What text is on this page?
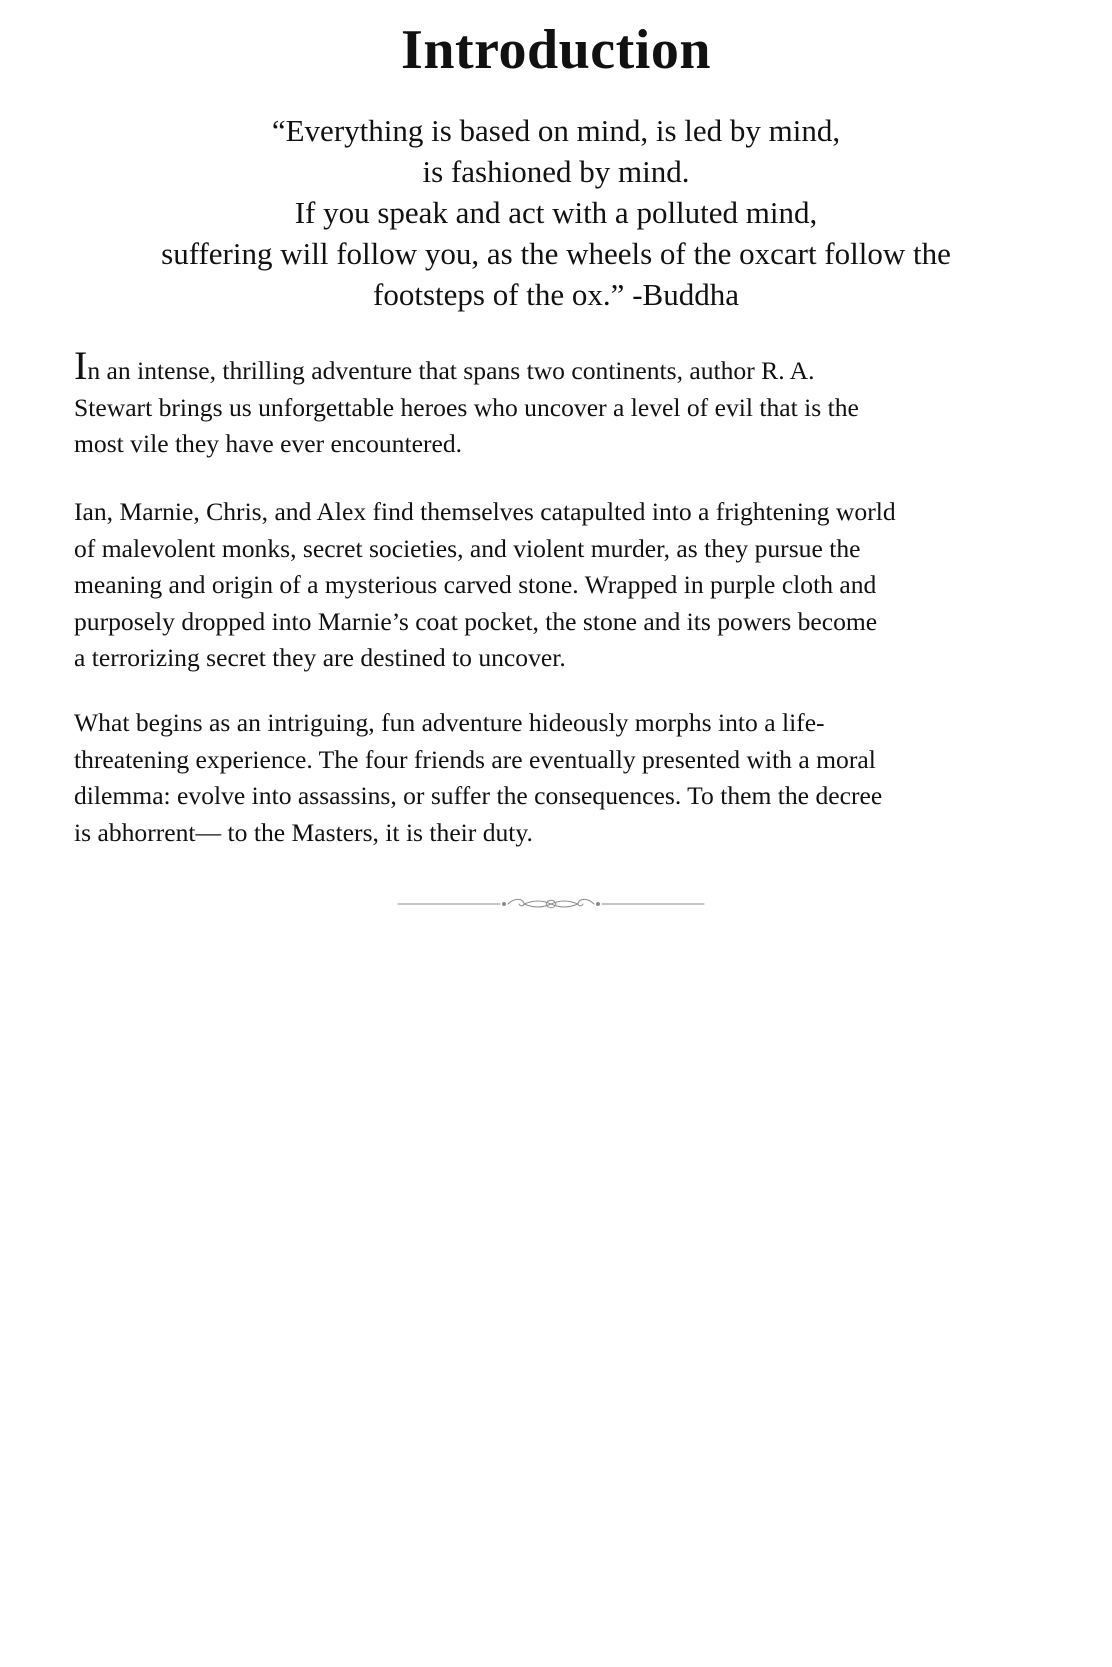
Introduction
“Everything is based on mind, is led by mind,
is fashioned by mind.
If you speak and act with a polluted mind,
suffering will follow you, as the wheels of the oxcart follow the
footsteps of the ox.” -Buddha
In an intense, thrilling adventure that spans two continents, author R. A.
Stewart brings us unforgettable heroes who uncover a level of evil that is the
most vile they have ever encountered.
Ian, Marnie, Chris, and Alex find themselves catapulted into a frightening world
of malevolent monks, secret societies, and violent murder, as they pursue the
meaning and origin of a mysterious carved stone. Wrapped in purple cloth and
purposely dropped into Marnie’s coat pocket, the stone and its powers become
a terrorizing secret they are destined to uncover.
What begins as an intriguing, fun adventure hideously morphs into a life-
threatening experience. The four friends are eventually presented with a moral
dilemma: evolve into assassins, or suffer the consequences. To them the decree
is abhorrent— to the Masters, it is their duty.
